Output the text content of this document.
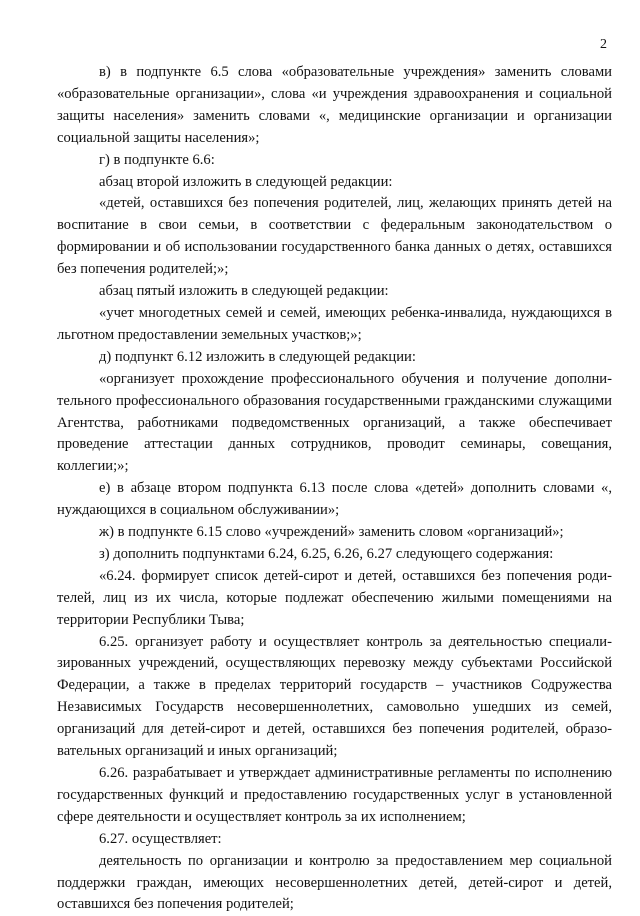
2

в) в подпункте 6.5 слова «образовательные учреждения» заменить словами «образовательные организации», слова «и учреждения здравоохранения и социальной защиты населения» заменить словами «, медицинские организации и организации социальной защиты населения»;

г) в подпункте 6.6:

абзац второй изложить в следующей редакции:

«детей, оставшихся без попечения родителей, лиц, желающих принять детей на воспитание в свои семьи, в соответствии с федеральным законодательством о формировании и об использовании государственного банка данных о детях, оставшихся без попечения родителей;»;

абзац пятый изложить в следующей редакции:

«учет многодетных семей и семей, имеющих ребенка-инвалида, нуждающихся в льготном предоставлении земельных участков;»;

д) подпункт 6.12 изложить в следующей редакции:

«организует прохождение профессионального обучения и получение дополнительного профессионального образования государственными гражданскими служащими Агентства, работниками подведомственных организаций, а также обеспечивает проведение аттестации данных сотрудников, проводит семинары, совещания, коллегии;»;

е) в абзаце втором подпункта 6.13 после слова «детей» дополнить словами «, нуждающихся в социальном обслуживании»;

ж) в подпункте 6.15 слово «учреждений» заменить словом «организаций»;

з) дополнить подпунктами 6.24, 6.25, 6.26, 6.27 следующего содержания:

«6.24. формирует список детей-сирот и детей, оставшихся без попечения родителей, лиц из их числа, которые подлежат обеспечению жилыми помещениями на территории Республики Тыва;

6.25. организует работу и осуществляет контроль за деятельностью специализированных учреждений, осуществляющих перевозку между субъектами Российской Федерации, а также в пределах территорий государств – участников Содружества Независимых Государств несовершеннолетних, самовольно ушедших из семей, организаций для детей-сирот и детей, оставшихся без попечения родителей, образовательных организаций и иных организаций;

6.26. разрабатывает и утверждает административные регламенты по исполнению государственных функций и предоставлению государственных услуг в установленной сфере деятельности и осуществляет контроль за их исполнением;

6.27. осуществляет:

деятельность по организации и контролю за предоставлением мер социальной поддержки граждан, имеющих несовершеннолетних детей, детей-сирот и детей, оставшихся без попечения родителей;
